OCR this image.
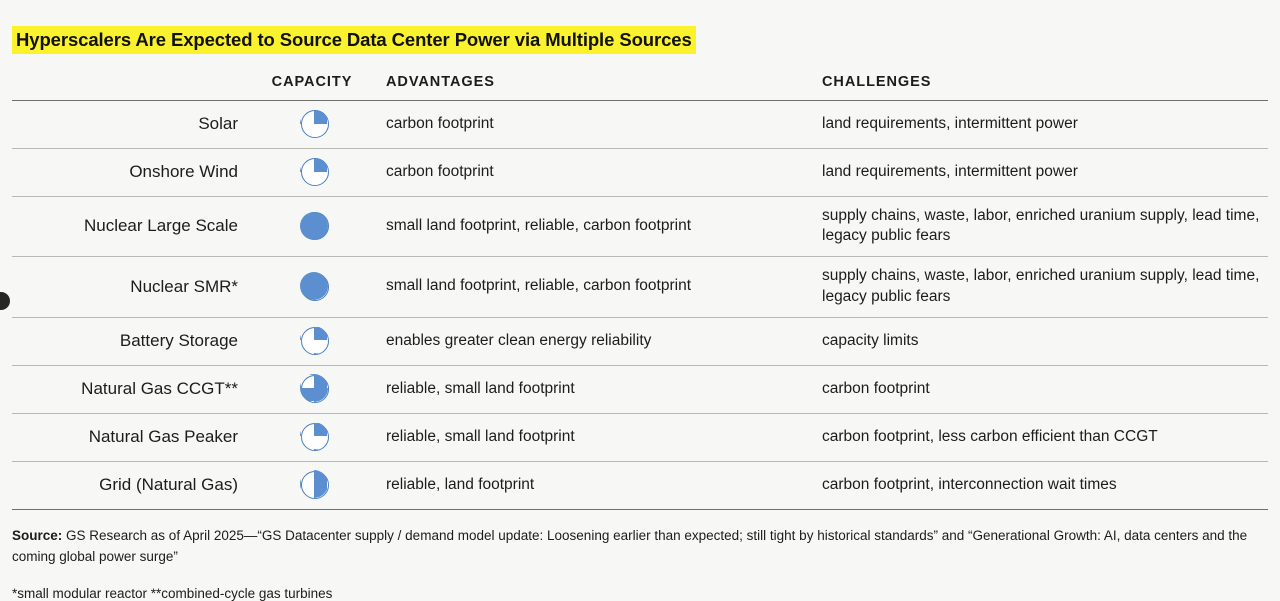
Hyperscalers Are Expected to Source Data Center Power via Multiple Sources
	CAPACITY	ADVANTAGES	CHALLENGES
Solar		carbon footprint	land requirements, intermittent power
Onshore Wind		carbon footprint	land requirements, intermittent power
Nuclear Large Scale		small land footprint, reliable, carbon footprint	supply chains, waste, labor, enriched uranium supply, lead time, legacy public fears
Nuclear SMR*		small land footprint, reliable, carbon footprint	supply chains, waste, labor, enriched uranium supply, lead time, legacy public fears
Battery Storage		enables greater clean energy reliability	capacity limits
Natural Gas CCGT**		reliable, small land footprint	carbon footprint
Natural Gas Peaker		reliable, small land footprint	carbon footprint, less carbon efficient than CCGT
Grid (Natural Gas)		reliable, land footprint	carbon footprint, interconnection wait times
Source: GS Research as of April 2025—“GS Datacenter supply / demand model update: Loosening earlier than expected; still tight by historical standards” and “Generational Growth: AI, data centers and the coming global power surge”
*small modular reactor **combined-cycle gas turbines
